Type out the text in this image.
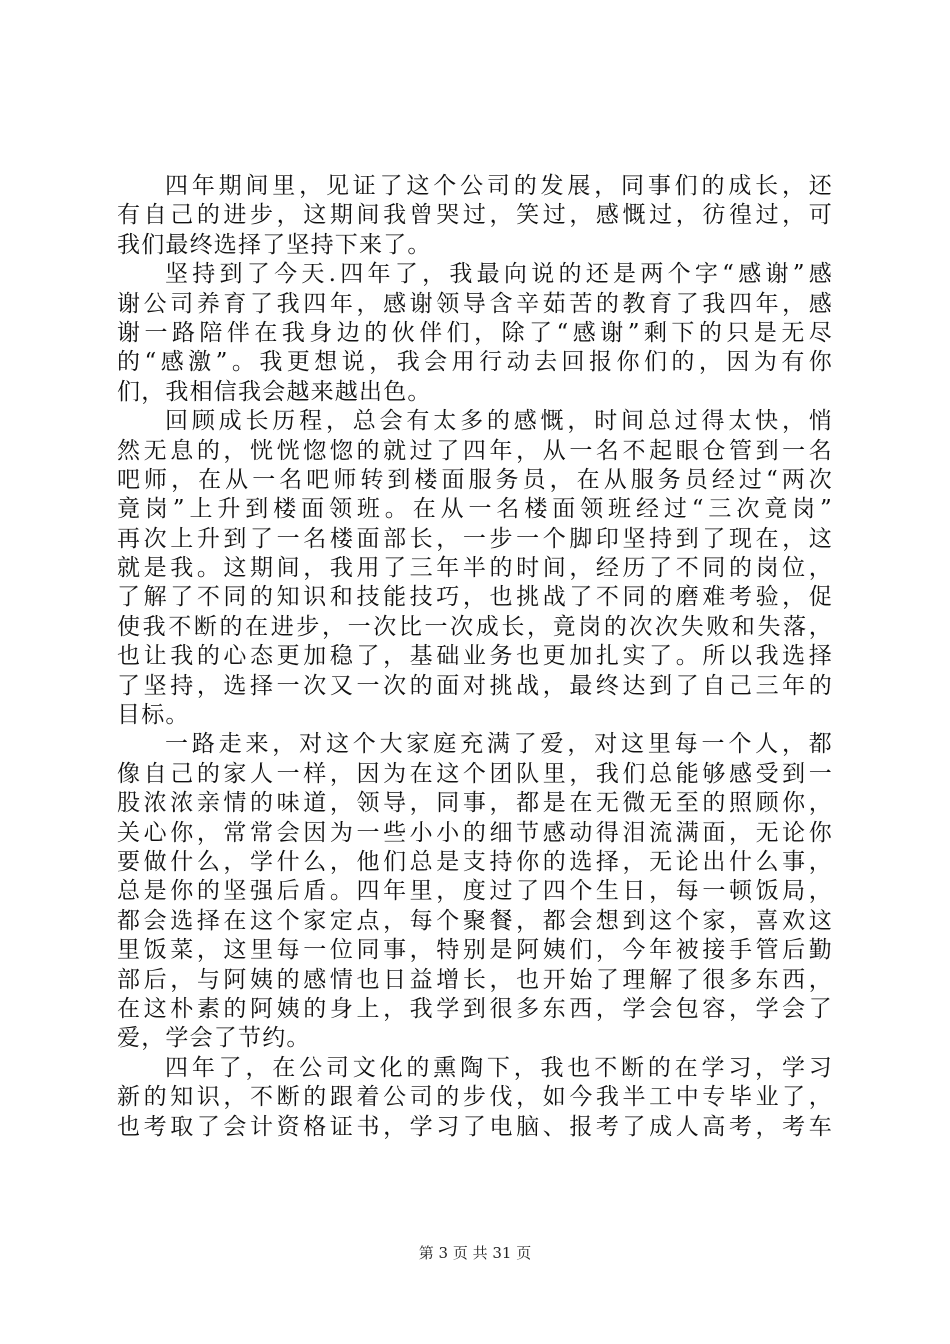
四年期间里，见证了这个公司的发展，同事们的成长，还
有自己的进步，这期间我曾哭过，笑过，感慨过，彷徨过，可
我们最终选择了坚持下来了。
坚持到了今天.四年了，我最向说的还是两个字“感谢”感
谢公司养育了我四年，感谢领导含辛茹苦的教育了我四年，感
谢一路陪伴在我身边的伙伴们，除了“感谢”剩下的只是无尽
的“感激”。我更想说，我会用行动去回报你们的，因为有你
们，我相信我会越来越出色。
回顾成长历程，总会有太多的感慨，时间总过得太快，悄
然无息的，恍恍惚惚的就过了四年，从一名不起眼仓管到一名
吧师，在从一名吧师转到楼面服务员，在从服务员经过“两次
竟岗”上升到楼面领班。在从一名楼面领班经过“三次竟岗”
再次上升到了一名楼面部长，一步一个脚印坚持到了现在，这
就是我。这期间，我用了三年半的时间，经历了不同的岗位，
了解了不同的知识和技能技巧，也挑战了不同的磨难考验，促
使我不断的在进步，一次比一次成长，竟岗的次次失败和失落，
也让我的心态更加稳了，基础业务也更加扎实了。所以我选择
了坚持，选择一次又一次的面对挑战，最终达到了自己三年的
目标。
一路走来，对这个大家庭充满了爱，对这里每一个人，都
像自己的家人一样，因为在这个团队里，我们总能够感受到一
股浓浓亲情的味道，领导，同事，都是在无微无至的照顾你，
关心你，常常会因为一些小小的细节感动得泪流满面，无论你
要做什么，学什么，他们总是支持你的选择，无论出什么事，
总是你的坚强后盾。四年里，度过了四个生日，每一顿饭局，
都会选择在这个家定点，每个聚餐，都会想到这个家，喜欢这
里饭菜，这里每一位同事，特别是阿姨们，今年被接手管后勤
部后，与阿姨的感情也日益增长，也开始了理解了很多东西，
在这朴素的阿姨的身上，我学到很多东西，学会包容，学会了
爱，学会了节约。
四年了，在公司文化的熏陶下，我也不断的在学习，学习
新的知识，不断的跟着公司的步伐，如今我半工中专毕业了，
也考取了会计资格证书，学习了电脑、报考了成人高考，考车
第 3 页 共 31 页
